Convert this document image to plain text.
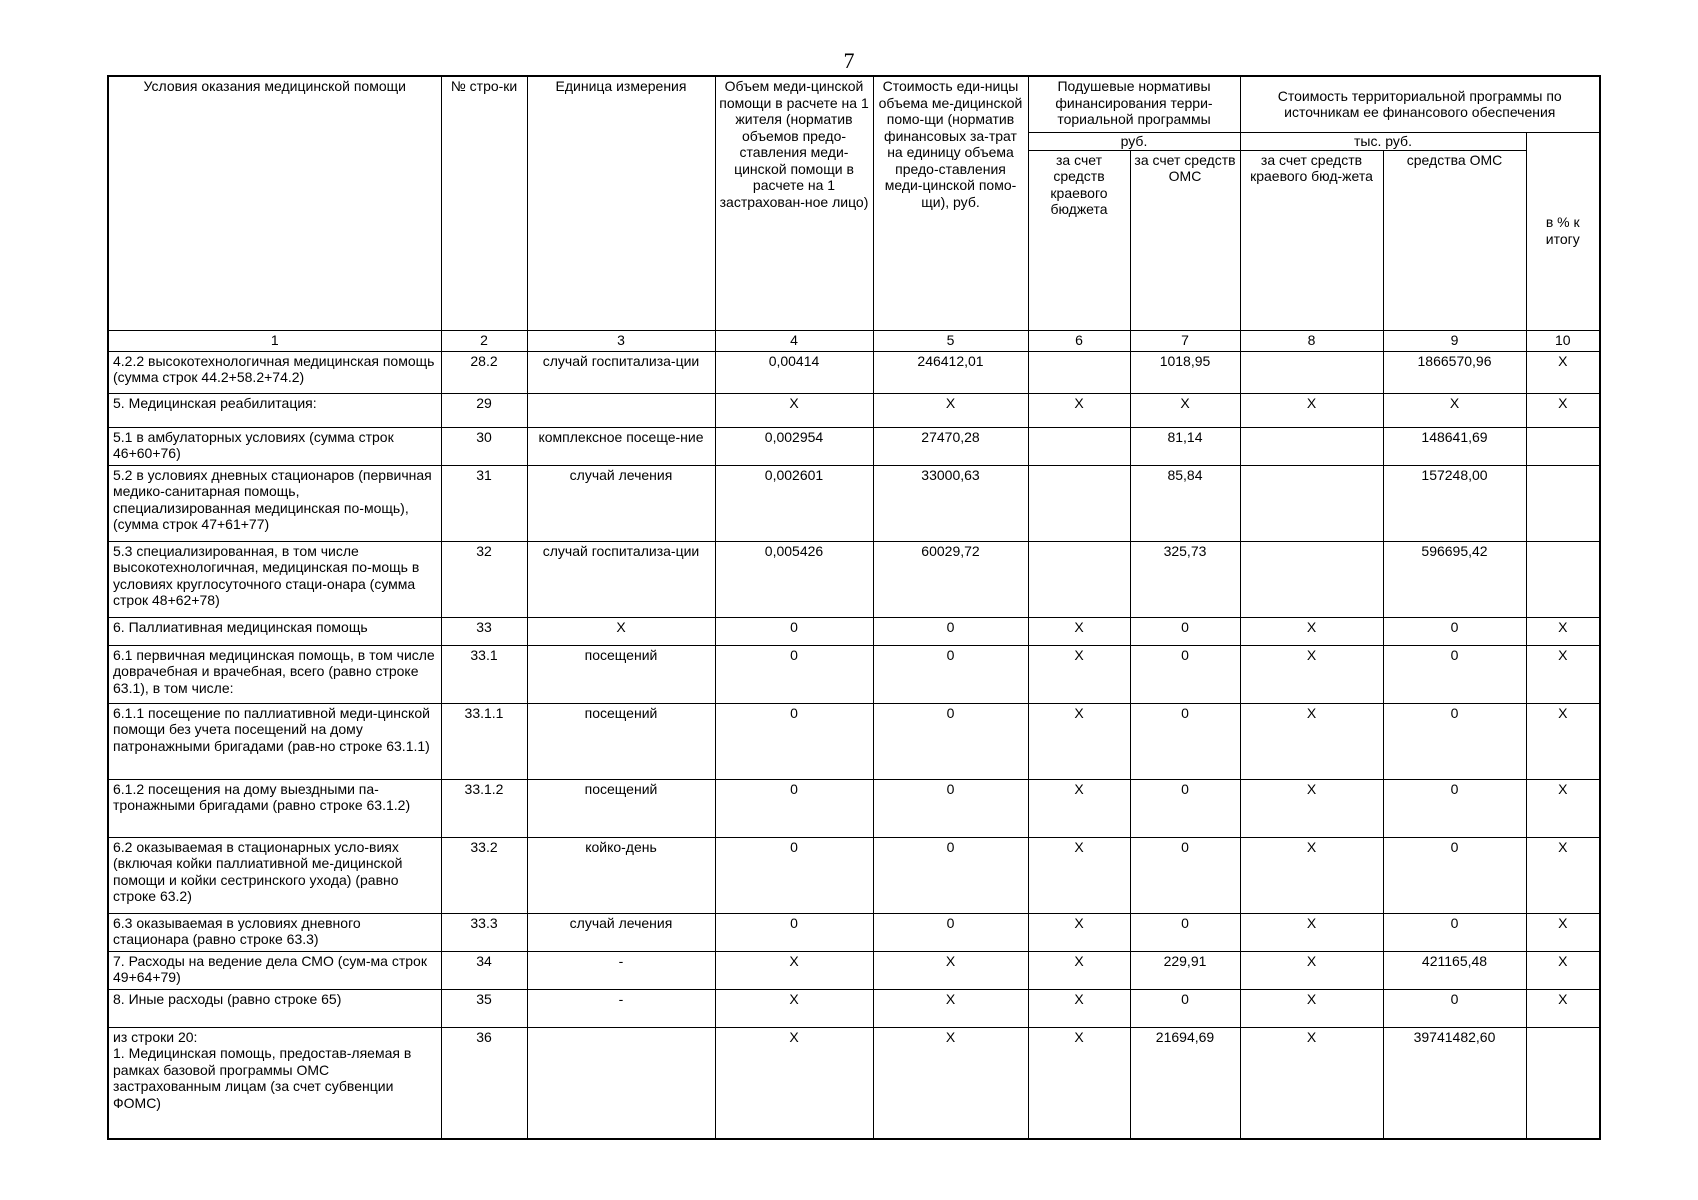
7
Условия оказания медицинской помощи	№ стро-ки	Единица измерения	Объем меди-цинской помощи в расчете на 1 жителя (норматив объемов предо-ставления меди-цинской помощи в расчете на 1 застрахован-ное лицо)	Стоимость еди-ницы объема ме-дицинской помо-щи (норматив финансовых за-трат на единицу объема предо-ставления меди-цинской помо-щи), руб.	Подушевые нормативы финансирования терри-ториальной программы		Стоимость территориальной программы по источникам ее финансового обеспечения		
					руб.		тыс. руб.		в % к итогу
					за счет средств краевого бюджета	за счет средств ОМС	за счет средств краевого бюд-жета	средства ОМС	
1	2	3	4	5	6	7	8	9	10
4.2.2 высокотехнологичная медицинская помощь (сумма строк 44.2+58.2+74.2)	28.2	случай госпитализа-ции	0,00414	246412,01		1018,95		1866570,96	Х
5. Медицинская реабилитация:	29		Х	Х	Х	Х	Х	Х	Х
5.1 в амбулаторных условиях (сумма строк 46+60+76)	30	комплексное посеще-ние	0,002954	27470,28		81,14		148641,69	
5.2 в условиях дневных стационаров (первичная медико-санитарная помощь, специализированная медицинская по-мощь), (сумма строк 47+61+77)	31	случай лечения	0,002601	33000,63		85,84		157248,00	
5.3 специализированная, в том числе высокотехнологичная, медицинская по-мощь в условиях круглосуточного стаци-онара (сумма строк 48+62+78)	32	случай госпитализа-ции	0,005426	60029,72		325,73		596695,42	
6. Паллиативная медицинская помощь	33	Х	0	0	Х	0	Х	0	Х
6.1 первичная медицинская помощь, в том числе доврачебная и врачебная, всего (равно строке 63.1), в том числе:	33.1	посещений	0	0	Х	0	Х	0	Х
6.1.1 посещение по паллиативной меди-цинской помощи без учета посещений на дому патронажными бригадами (рав-но строке 63.1.1)	33.1.1	посещений	0	0	Х	0	Х	0	Х
6.1.2 посещения на дому выездными па-тронажными бригадами (равно строке 63.1.2)	33.1.2	посещений	0	0	Х	0	Х	0	Х
6.2 оказываемая в стационарных усло-виях (включая койки паллиативной ме-дицинской помощи и койки сестринского ухода) (равно строке 63.2)	33.2	койко-день	0	0	Х	0	Х	0	Х
6.3 оказываемая в условиях дневного стационара (равно строке 63.3)	33.3	случай лечения	0	0	Х	0	Х	0	Х
7. Расходы на ведение дела СМО (сум-ма строк 49+64+79)	34	-	Х	Х	Х	229,91	Х	421165,48	Х
8. Иные расходы (равно строке 65)	35	-	Х	Х	Х	0	Х	0	Х

из строки 20:
1. Медицинская помощь, предостав-ляемая в рамках базовой программы ОМС застрахованным лицам (за счет субвенции ФОМС)	36		Х	Х	Х	21694,69	Х	39741482,60	
